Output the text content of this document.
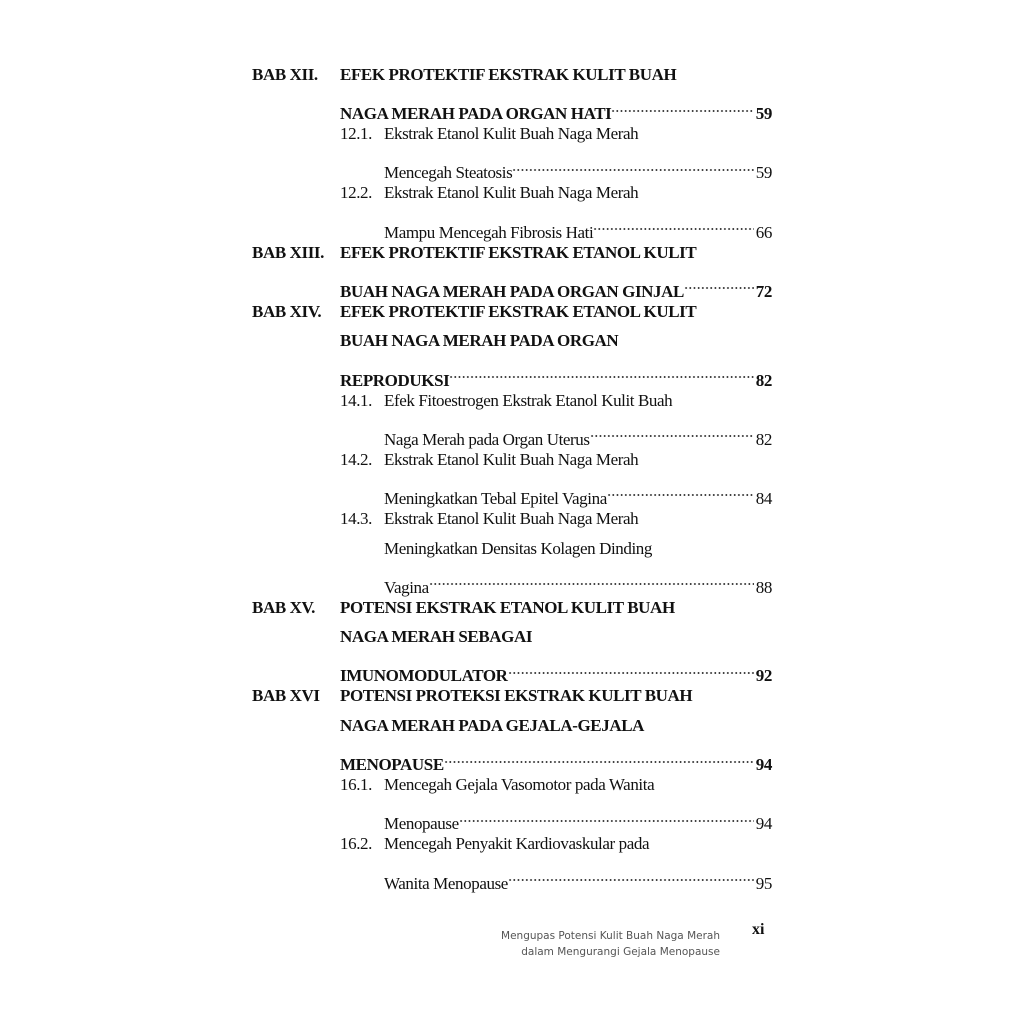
BAB XII. EFEK PROTEKTIF EKSTRAK KULIT BUAH
NAGA MERAH PADA ORGAN HATI	59
12.1. Ekstrak Etanol Kulit Buah Naga Merah
Mencegah Steatosis	59
12.2. Ekstrak Etanol Kulit Buah Naga Merah
Mampu Mencegah Fibrosis Hati	66
BAB XIII. EFEK PROTEKTIF EKSTRAK ETANOL KULIT
BUAH NAGA MERAH PADA ORGAN GINJAL	72
BAB XIV. EFEK PROTEKTIF EKSTRAK ETANOL KULIT
BUAH NAGA MERAH PADA ORGAN
REPRODUKSI	82
14.1. Efek Fitoestrogen Ekstrak Etanol Kulit Buah
Naga Merah pada Organ Uterus	82
14.2. Ekstrak Etanol Kulit Buah Naga Merah
Meningkatkan Tebal Epitel Vagina	84
14.3. Ekstrak Etanol Kulit Buah Naga Merah
Meningkatkan Densitas Kolagen Dinding
Vagina	88
BAB XV. POTENSI EKSTRAK ETANOL KULIT BUAH
NAGA MERAH SEBAGAI
IMUNOMODULATOR	92
BAB XVI POTENSI PROTEKSI EKSTRAK KULIT BUAH
NAGA MERAH PADA GEJALA-GEJALA
MENOPAUSE	94
16.1. Mencegah Gejala Vasomotor pada Wanita
Menopause	94
16.2. Mencegah Penyakit Kardiovaskular pada
Wanita Menopause	95
Mengupas Potensi Kulit Buah Naga Merah
dalam Mengurangi Gejala Menopause
xi
